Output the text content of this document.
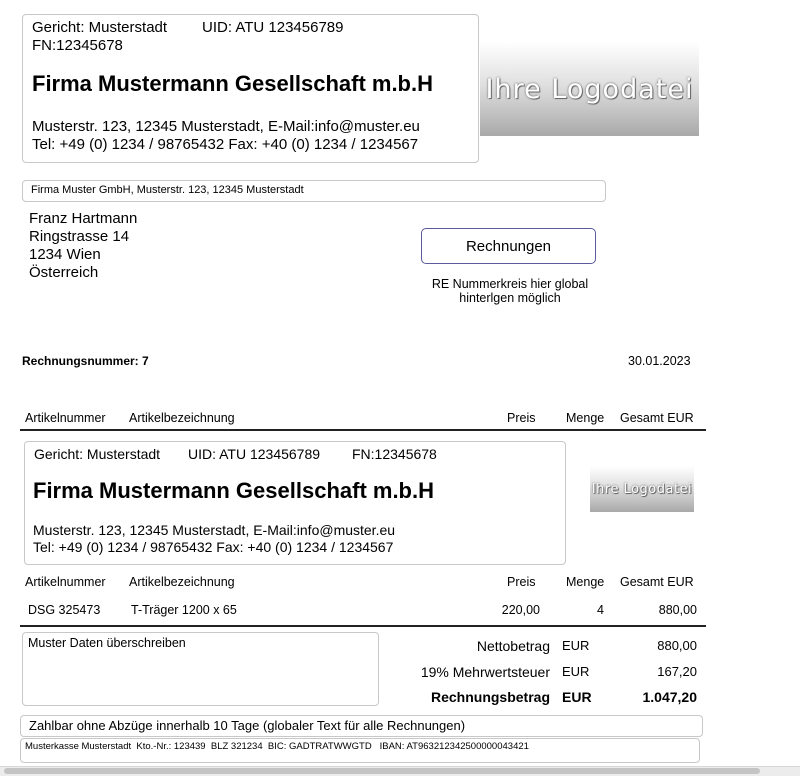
Gericht: Musterstadt UID: ATU 123456789
FN:12345678
Firma Mustermann Gesellschaft m.b.H
Musterstr. 123, 12345 Musterstadt, E-Mail:info@muster.eu
Tel: +49 (0) 1234 / 98765432 Fax: +40 (0) 1234 / 1234567
Ihre Logodatei
Firma Muster GmbH, Musterstr. 123, 12345 Musterstadt
Franz Hartmann
Ringstrasse 14
1234 Wien
Österreich
Rechnungen
RE Nummerkreis hier global
hinterlgen möglich
Rechnungsnummer: 7	30.01.2023
Artikelnummer Artikelbezeichnung	Preis Menge Gesamt EUR
Gericht: Musterstadt UID: ATU 123456789 FN:12345678
Firma Mustermann Gesellschaft m.b.H
Musterstr. 123, 12345 Musterstadt, E-Mail:info@muster.eu
Tel: +49 (0) 1234 / 98765432 Fax: +40 (0) 1234 / 1234567
Ihre Logodatei
Artikelnummer Artikelbezeichnung	Preis Menge Gesamt EUR
DSG 325473 T-Träger 1200 x 65	220,00	4	880,00
Muster Daten überschreiben	Nettobetrag EUR	880,00
19% Mehrwertsteuer EUR	167,20
Rechnungsbetrag EUR	1.047,20
Zahlbar ohne Abzüge innerhalb 10 Tage (globaler Text für alle Rechnungen)
Musterkasse Musterstadt  Kto.-Nr.: 123439  BLZ 321234  BIC: GADTRATWWGTD   IBAN: AT963212342500000043421
